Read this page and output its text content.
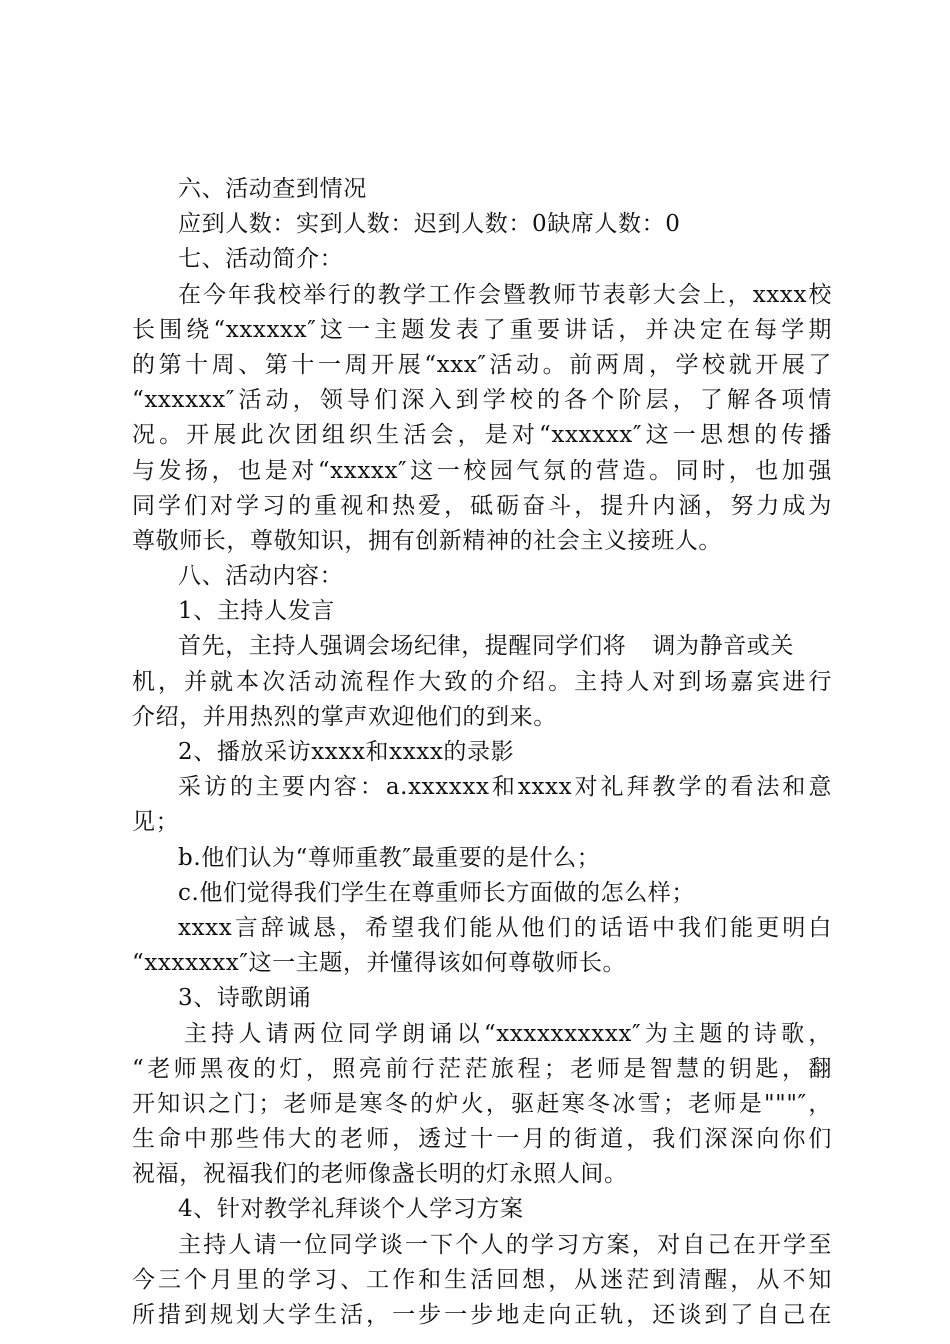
六、活动查到情况
应到人数：实到人数：迟到人数：0缺席人数：0
七、活动简介：
在今年我校举行的教学工作会暨教师节表彰大会上，xxxx校
长围绕“xxxxxx″这一主题发表了重要讲话，并决定在每学期
的第十周、第十一周开展“xxx″活动。前两周，学校就开展了
“xxxxxx″活动，领导们深入到学校的各个阶层，了解各项情
况。开展此次团组织生活会，是对“xxxxxx″这一思想的传播
与发扬，也是对“xxxxx″这一校园气氛的营造。同时，也加强
同学们对学习的重视和热爱，砥砺奋斗，提升内涵，努力成为
尊敬师长，尊敬知识，拥有创新精神的社会主义接班人。
八、活动内容：
1、主持人发言
首先，主持人强调会场纪律，提醒同学们将 调为静音或关
机，并就本次活动流程作大致的介绍。主持人对到场嘉宾进行
介绍，并用热烈的掌声欢迎他们的到来。
2、播放采访xxxx和xxxx的录影
采访的主要内容：a.xxxxxx和xxxx对礼拜教学的看法和意
见；
b.他们认为“尊师重教″最重要的是什么；
c.他们觉得我们学生在尊重师长方面做的怎么样；
xxxx言辞诚恳，希望我们能从他们的话语中我们能更明白
“xxxxxxx″这一主题，并懂得该如何尊敬师长。
3、诗歌朗诵
主持人请两位同学朗诵以“xxxxxxxxxx″为主题的诗歌，
“老师黑夜的灯，照亮前行茫茫旅程；老师是智慧的钥匙，翻
开知识之门；老师是寒冬的炉火，驱赶寒冬冰雪；老师是"""″，
生命中那些伟大的老师，透过十一月的街道，我们深深向你们
祝福，祝福我们的老师像盏长明的灯永照人间。
4、针对教学礼拜谈个人学习方案
主持人请一位同学谈一下个人的学习方案，对自己在开学至
今三个月里的学习、工作和生活回想，从迷茫到清醒，从不知
所措到规划大学生活，一步一步地走向正轨，还谈到了自己在
